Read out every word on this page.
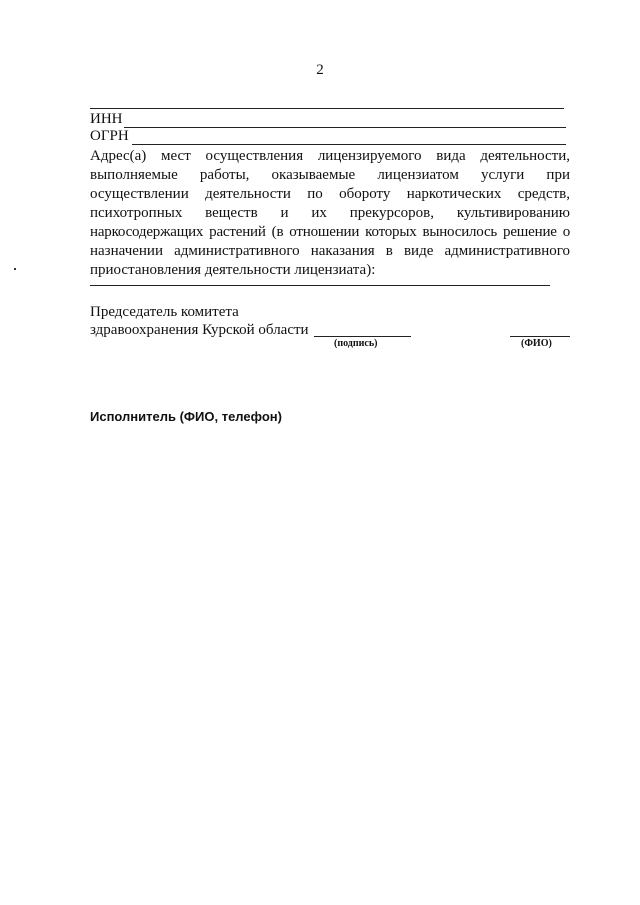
2
ИНН
ОГРН
Адрес(а) мест осуществления лицензируемого вида деятельности,
выполняемые работы, оказываемые лицензиатом услуги при
осуществлении деятельности по обороту наркотических средств,
психотропных веществ и их прекурсоров, культивированию
наркосодержащих растений (в отношении которых выносилось решение о
назначении административного наказания в виде административного
приостановления деятельности лицензиата):
Председатель комитета
здравоохранения Курской области
(подпись)	(ФИО)
Исполнитель (ФИО, телефон)
